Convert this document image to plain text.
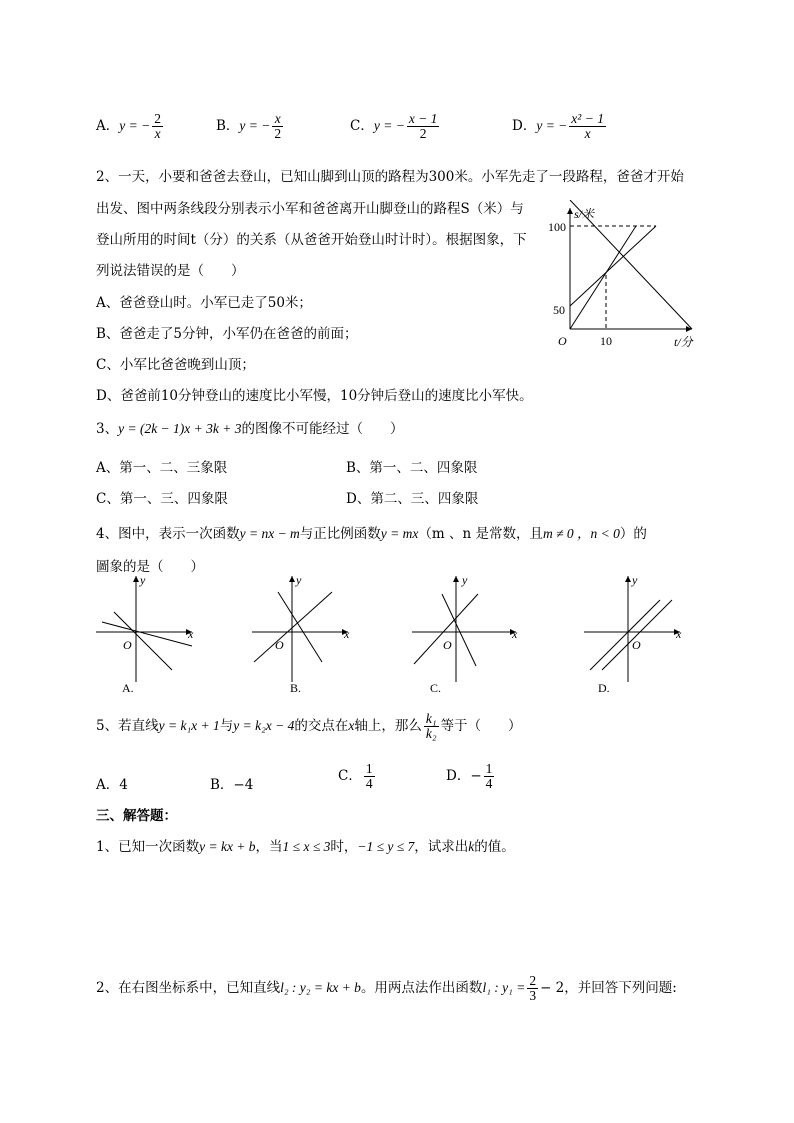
A．y = − $\frac{2}{x}$	B．y = − $\frac{x}{2}$	C．y = − $\frac{x - 1}{2}$	D．y = − $\frac{\text{x² − 1}}{x}$
2、一天，小要和爸爸去登山，已知山脚到山顶的路程为300米。小军先走了一段路程，爸爸才开始
出发、图中两条线段分别表示小军和爸爸离开山脚登山的路程S（米）与
登山所用的时间t（分）的关系（从爸爸开始登山时计时）。根据图象，下
列说法错误的是（　　）
A、爸爸登山时。小军已走了50米；
B、爸爸走了5分钟，小军仍在爸爸的前面；
C、小军比爸爸晚到山顶；
D、爸爸前10分钟登山的速度比小军慢，10分钟后登山的速度比小军快。
s/米
100
50
O	10	t/分
3、y = (2k − 1)x + 3k + 3的图像不可能经过（　　）
A、第一、二、三象限	B、第一、二、四象限
C、第一、三、四象限	D、第二、三、四象限
4、图中，表示一次函数y = nx − m与正比例函数y = mx（m 、n 是常数，且m ≠ 0 ，n < 0）的
圖象的是（　　）
y
x
O
A.
y
x
O
B.
y
x
O
C.
y
x
O
D.
5、若直线y = k₁x + 1与y = k₂x − 4的交点在x轴上，那么 $\frac{\text{k₁}}{\text{k₂}}$ 等于（　　）
A．4	B．−4
C． $\frac{1}{4}$	D．− $\frac{1}{4}$
三、解答题：
1、已知一次函数y = kx + b，当1 ≤ x ≤ 3时，−1 ≤ y ≤ 7，试求出k的值。
2、在右图坐标系中，已知直线l₂ : y₂ = kx + b。用两点法作出函数l₁ : $y_1 = \frac{2}{3} - 2$，并回答下列问题:
